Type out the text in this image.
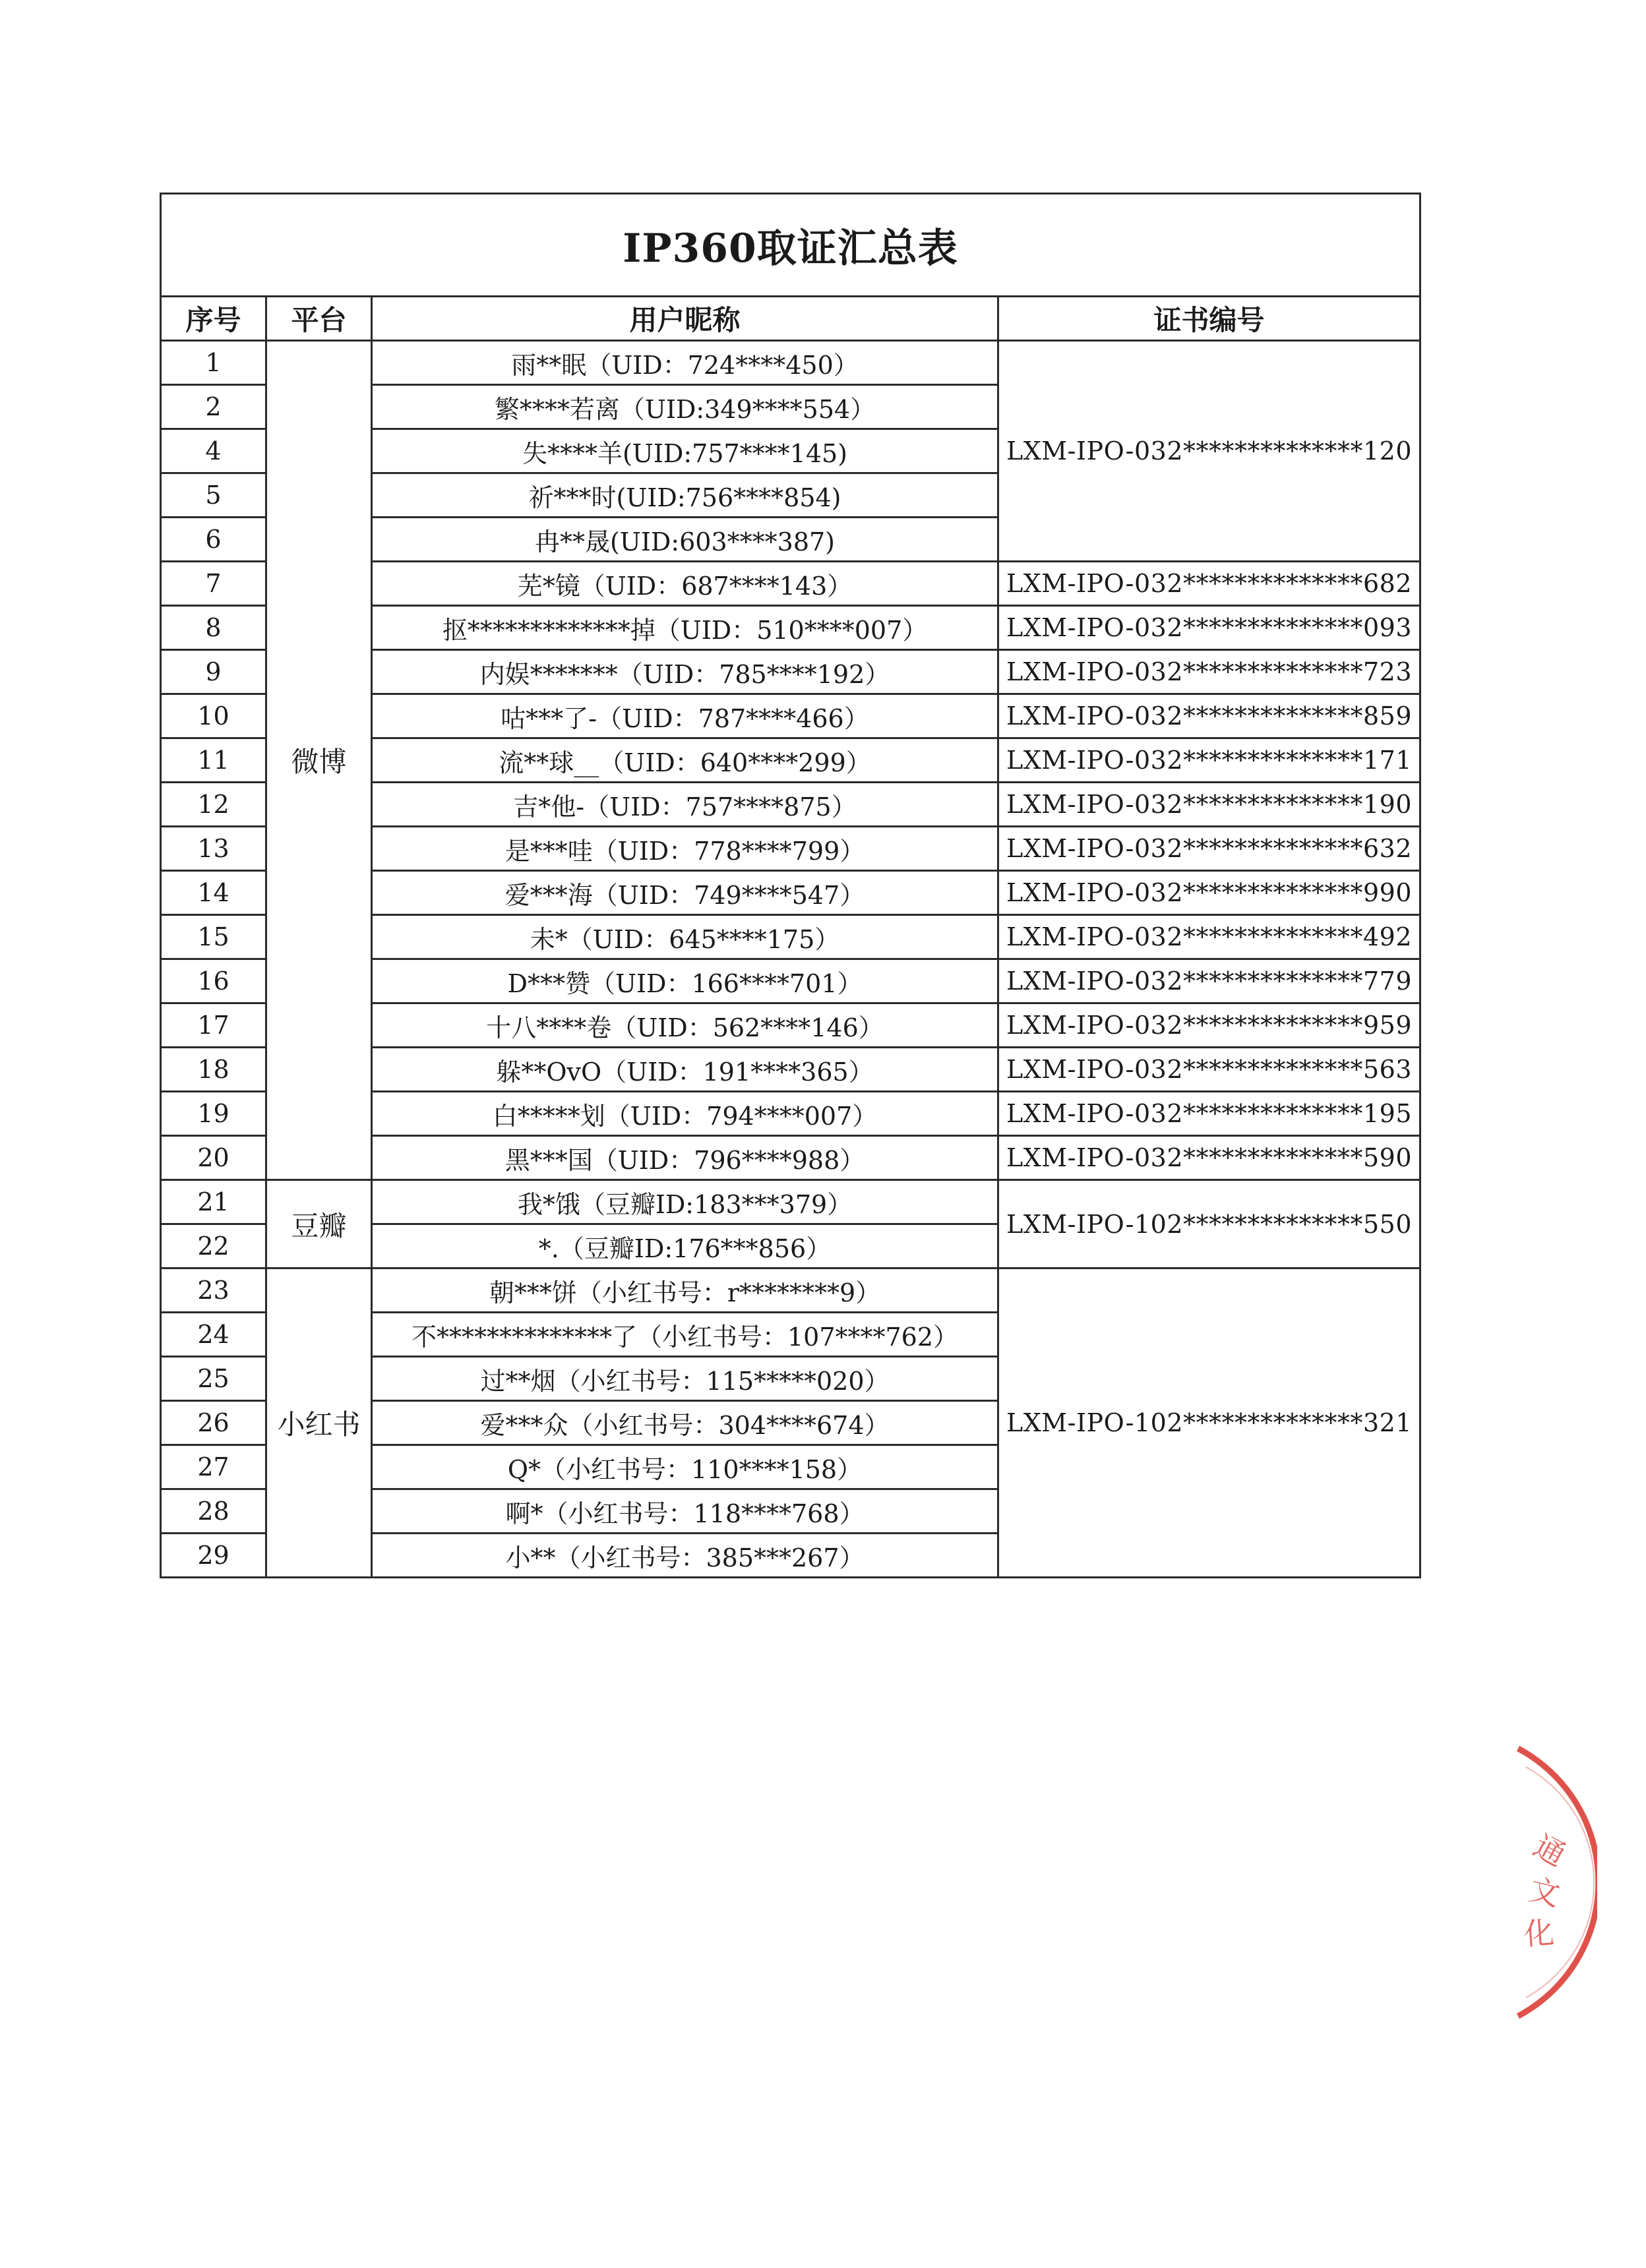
IP360取证汇总表			
序号	平台	用户昵称	证书编号
1	微博	雨**眠（UID：724****450）	LXM-IPO-032**************120
2		繁****若离（UID:349****554）	
4		失****羊(UID:757****145)	
5		祈***时(UID:756****854)	
6		冉**晟(UID:603****387)	
7		芜*镜（UID：687****143）	LXM-IPO-032**************682
8		抠*************掉（UID：510****007）	LXM-IPO-032**************093
9		内娱*******（UID：785****192）	LXM-IPO-032**************723
10		咕***了-（UID：787****466）	LXM-IPO-032**************859
11		流**球__（UID：640****299）	LXM-IPO-032**************171
12		吉*他-（UID：757****875）	LXM-IPO-032**************190
13		是***哇（UID：778****799）	LXM-IPO-032**************632
14		爱***海（UID：749****547）	LXM-IPO-032**************990
15		未*（UID：645****175）	LXM-IPO-032**************492
16		D***赞（UID：166****701）	LXM-IPO-032**************779
17		十八****卷（UID：562****146）	LXM-IPO-032**************959
18		躲**OvO（UID：191****365）	LXM-IPO-032**************563
19		白*****划（UID：794****007）	LXM-IPO-032**************195
20		黑***国（UID：796****988）	LXM-IPO-032**************590
21	豆瓣	我*饿（豆瓣ID:183***379）	LXM-IPO-102**************550
22		*.（豆瓣ID:176***856）	
23	小红书	朝***饼（小红书号：r********9）	LXM-IPO-102**************321
24		不**************了（小红书号：107****762）	
25		过**烟（小红书号：115*****020）	
26		爱***众（小红书号：304****674）	
27		Q*（小红书号：110****158）	
28		啊*（小红书号：118****768）	
29		小**（小红书号：385***267）	
通
文
化
